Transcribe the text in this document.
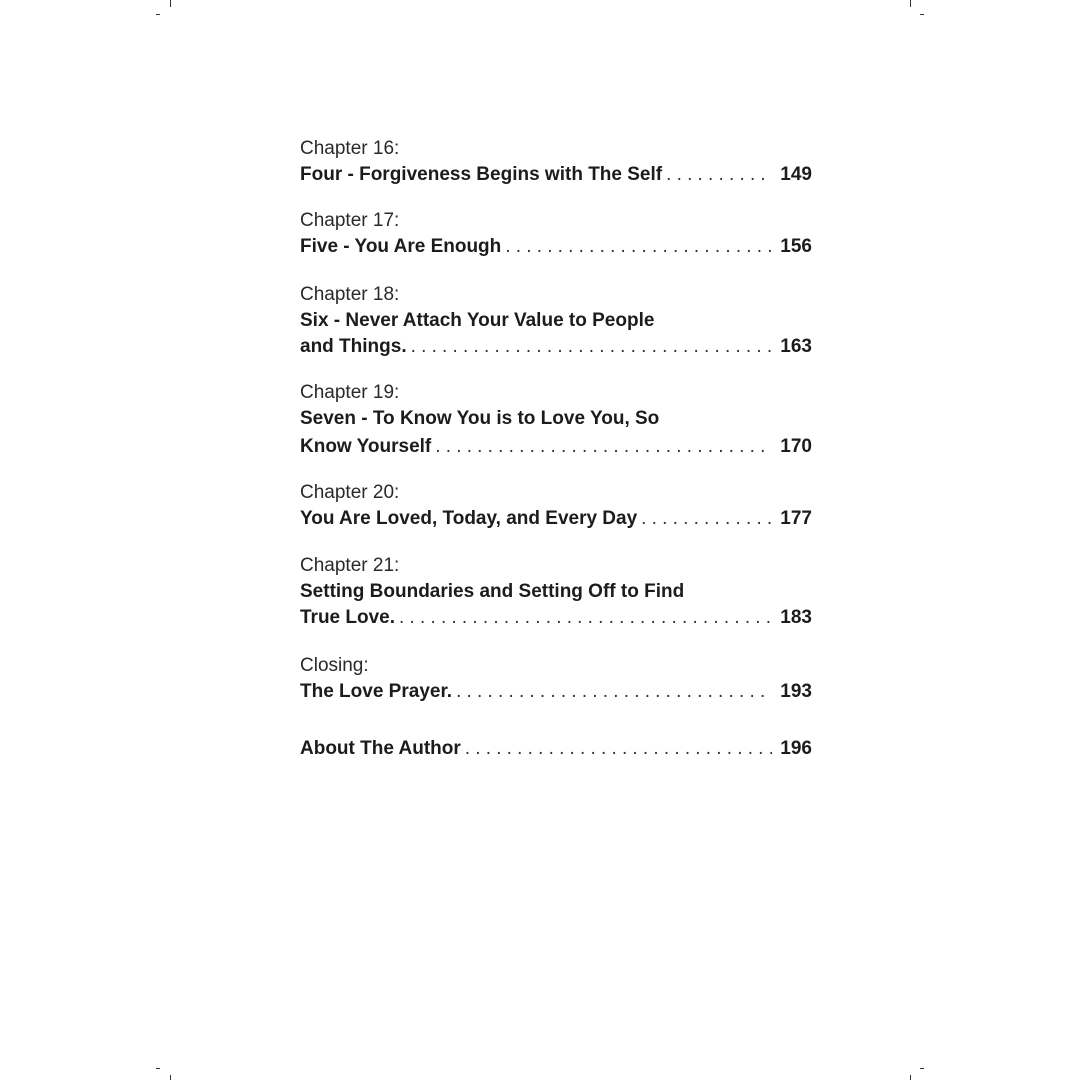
Chapter 16:
Four - Forgiveness Begins with The Self .....	149
Chapter 17:
Five - You Are Enough .....	156
Chapter 18:
Six - Never Attach Your Value to People
and Things. .....	163
Chapter 19:
Seven - To Know You is to Love You, So
Know Yourself .....	170
Chapter 20:
You Are Loved, Today, and Every Day .....	177
Chapter 21:
Setting Boundaries and Setting Off to Find
True Love. .....	183
Closing:
The Love Prayer. .....	193
About The Author .....	196
